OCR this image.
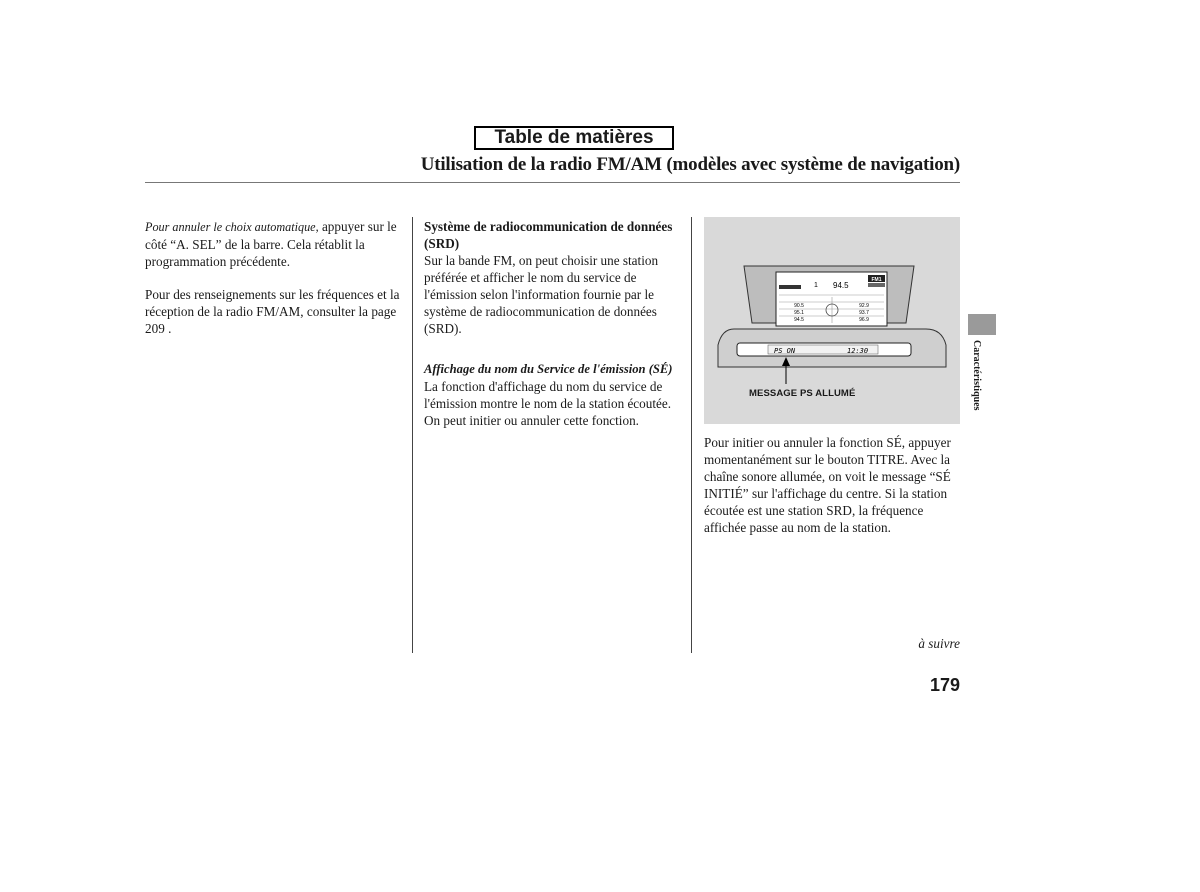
Table de matières
Utilisation de la radio FM/AM (modèles avec système de navigation)

Pour annuler le choix automatique, appuyer sur le côté “A. SEL” de la barre. Cela rétablit la programmation précédente.

Pour des renseignements sur les fréquences et la réception de la radio FM/AM, consulter la page 209 .

Système de radiocommunication de données (SRD)

Sur la bande FM, on peut choisir une station préférée et afficher le nom du service de l'émission selon l'information fournie par le système de radiocommunication de données (SRD).

Affichage du nom du Service de l'émission (SÉ)

La fonction d'affichage du nom du service de l'émission montre le nom de la station écoutée. On peut initier ou annuler cette fonction.

FM1
1 94.5
90.5
95.1
94.5
92.9
93.7
96.9
PS ON	12:30
MESSAGE PS ALLUMÉ

Pour initier ou annuler la fonction SÉ, appuyer momentanément sur le bouton TITRE. Avec la chaîne sonore allumée, on voit le message “SÉ INITIÉ” sur l'affichage du centre. Si la station écoutée est une station SRD, la fréquence affichée passe au nom de la station.

Caractéristiques
à suivre
179
